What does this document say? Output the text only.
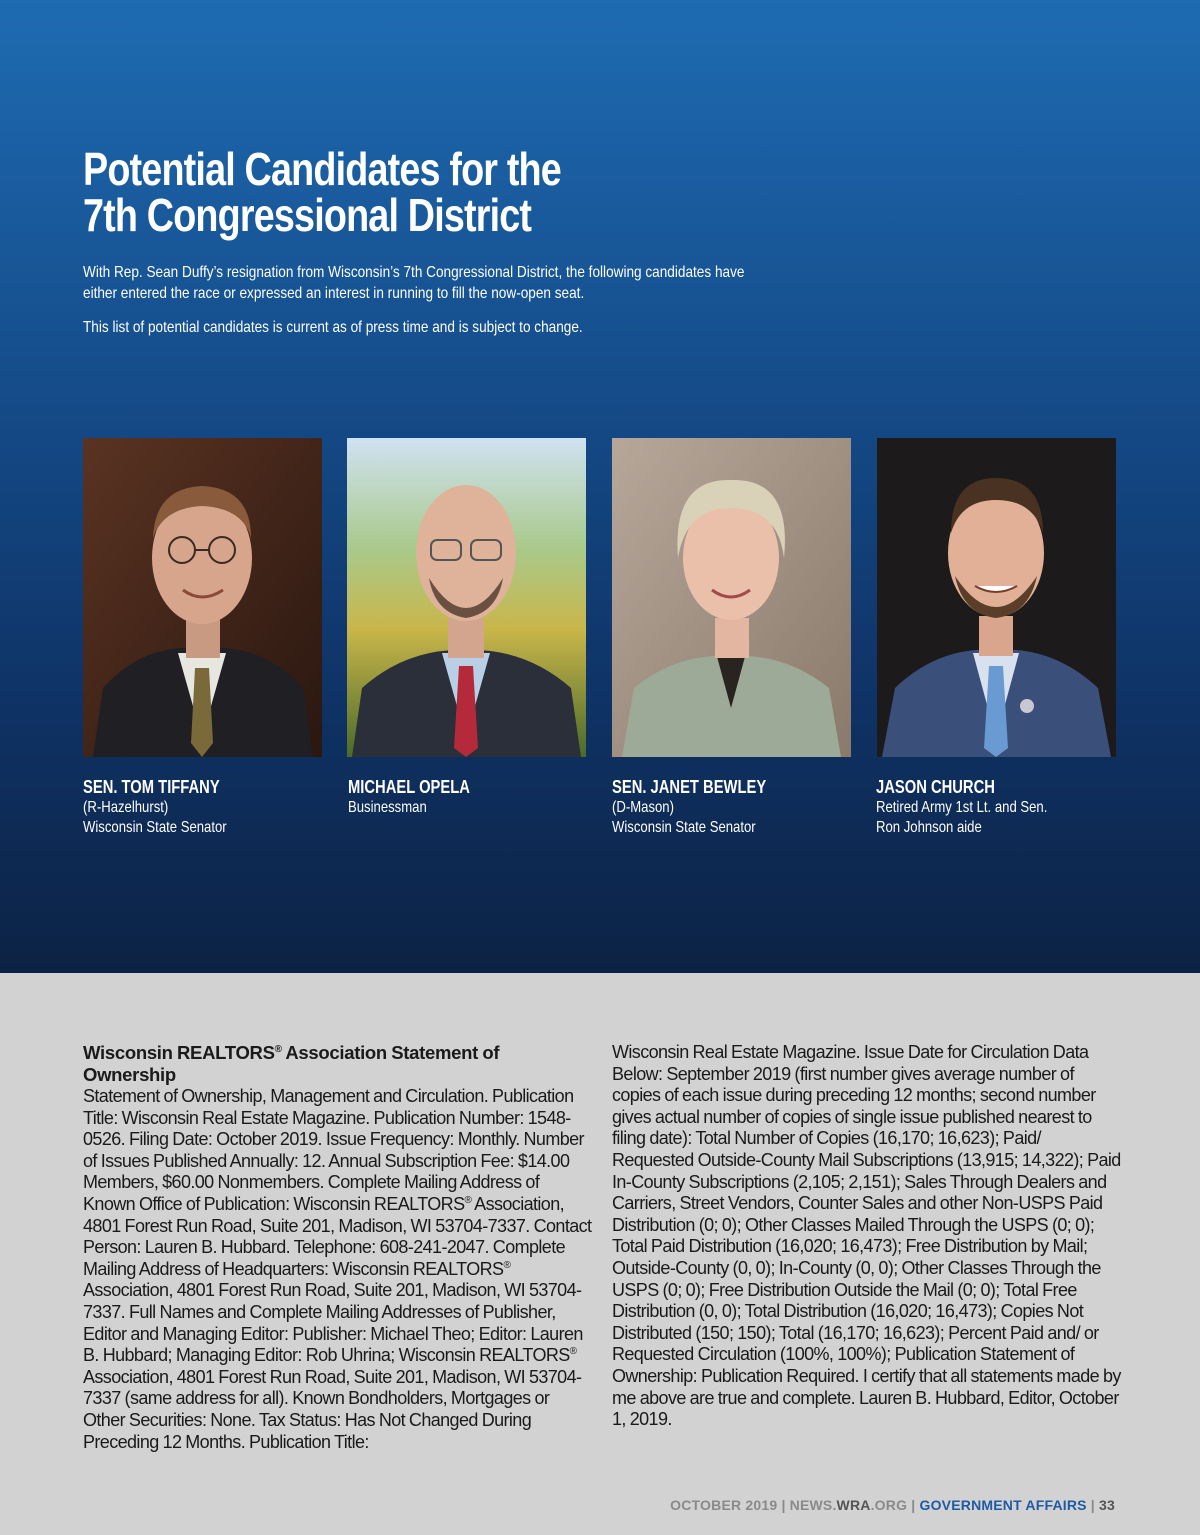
Potential Candidates for the 7th Congressional District

With Rep. Sean Duffy’s resignation from Wisconsin’s 7th Congressional District, the following candidates have either entered the race or expressed an interest in running to fill the now-open seat.

This list of potential candidates is current as of press time and is subject to change.

SEN. TOM TIFFANY
(R-Hazelhurst)
Wisconsin State Senator
MICHAEL OPELA
Businessman
SEN. JANET BEWLEY
(D-Mason)
Wisconsin State Senator
JASON CHURCH
Retired Army 1st Lt. and Sen. Ron Johnson aide
Wisconsin REALTORS® Association Statement of Ownership
Statement of Ownership, Management and Circulation. Publication Title: Wisconsin Real Estate Magazine. Publication Number: 1548-0526. Filing Date: October 2019. Issue Frequency: Monthly. Number of Issues Published Annually: 12. Annual Subscription Fee: $14.00 Members, $60.00 Nonmembers. Complete Mailing Address of Known Office of Publication: Wisconsin REALTORS® Association, 4801 Forest Run Road, Suite 201, Madison, WI 53704-7337. Contact Person: Lauren B. Hubbard. Telephone: 608-241-2047. Complete Mailing Address of Headquarters: Wisconsin REALTORS® Association, 4801 Forest Run Road, Suite 201, Madison, WI 53704-7337. Full Names and Complete Mailing Addresses of Publisher, Editor and Managing Editor: Publisher: Michael Theo; Editor: Lauren B. Hubbard; Managing Editor: Rob Uhrina; Wisconsin REALTORS® Association, 4801 Forest Run Road, Suite 201, Madison, WI 53704-7337 (same address for all). Known Bondholders, Mortgages or Other Securities: None. Tax Status: Has Not Changed During Preceding 12 Months. Publication Title:
Wisconsin Real Estate Magazine. Issue Date for Circulation Data Below: September 2019 (first number gives average number of copies of each issue during preceding 12 months; second number gives actual number of copies of single issue published nearest to filing date): Total Number of Copies (16,170; 16,623); Paid/ Requested Outside-County Mail Subscriptions (13,915; 14,322); Paid In-County Subscriptions (2,105; 2,151); Sales Through Dealers and Carriers, Street Vendors, Counter Sales and other Non-USPS Paid Distribution (0; 0); Other Classes Mailed Through the USPS (0; 0); Total Paid Distribution (16,020; 16,473); Free Distribution by Mail; Outside-County (0, 0); In-County (0, 0); Other Classes Through the USPS (0; 0); Free Distribution Outside the Mail (0; 0); Total Free Distribution (0, 0); Total Distribution (16,020; 16,473); Copies Not Distributed (150; 150); Total (16,170; 16,623); Percent Paid and/ or Requested Circulation (100%, 100%); Publication Statement of Ownership: Publication Required. I certify that all statements made by me above are true and complete. Lauren B. Hubbard, Editor, October 1, 2019.
OCTOBER 2019 | NEWS.WRA.ORG | GOVERNMENT AFFAIRS | 33
